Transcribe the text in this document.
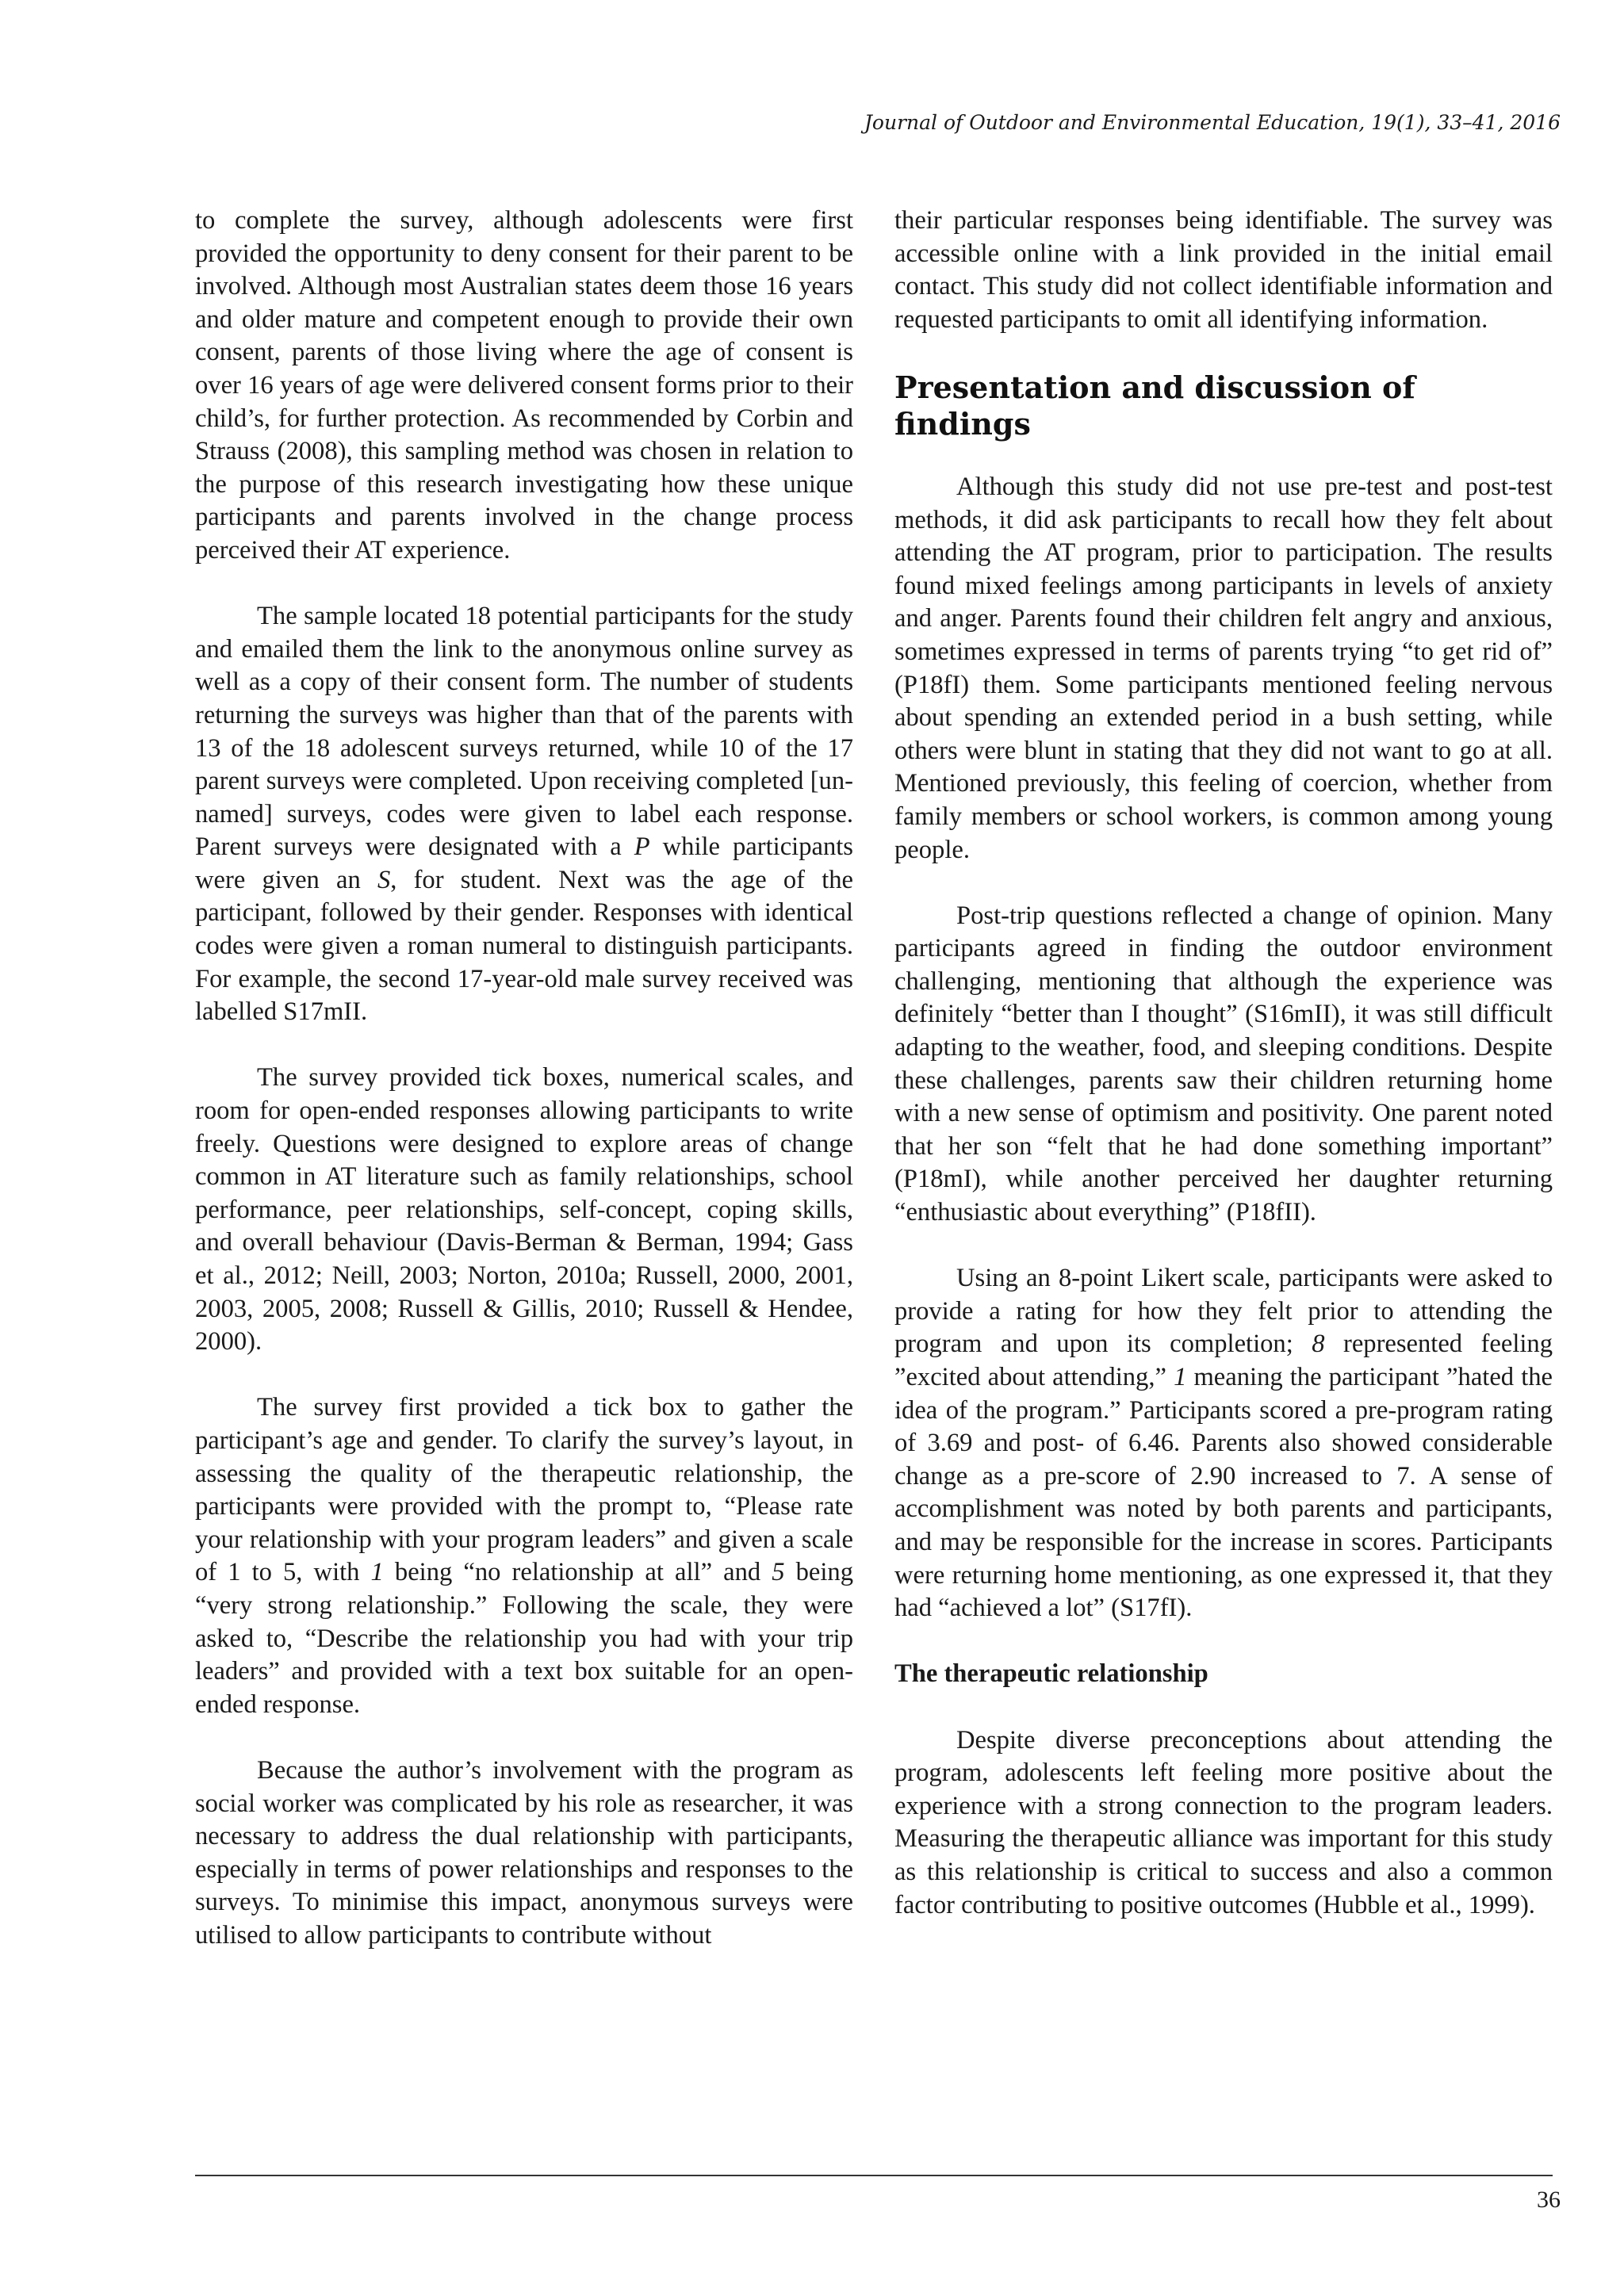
Journal of Outdoor and Environmental Education, 19(1), 33–41, 2016

to complete the survey, although adolescents were first provided the opportunity to deny consent for their parent to be involved. Although most Australian states deem those 16 years and older mature and competent enough to provide their own consent, parents of those living where the age of consent is over 16 years of age were delivered consent forms prior to their child’s, for further protection. As recommended by Corbin and Strauss (2008), this sampling method was chosen in relation to the purpose of this research investigating how these unique participants and parents involved in the change process perceived their AT experience.

The sample located 18 potential participants for the study and emailed them the link to the anonymous online survey as well as a copy of their consent form. The number of students returning the surveys was higher than that of the parents with 13 of the 18 adolescent surveys returned, while 10 of the 17 parent surveys were completed. Upon receiving completed [un-named] surveys, codes were given to label each response. Parent surveys were designated with a P while participants were given an S, for student. Next was the age of the participant, followed by their gender. Responses with identical codes were given a roman numeral to distinguish participants. For example, the second 17-year-old male survey received was labelled S17mII.

The survey provided tick boxes, numerical scales, and room for open-ended responses allowing participants to write freely. Questions were designed to explore areas of change common in AT literature such as family relationships, school performance, peer relationships, self-concept, coping skills, and overall behaviour (Davis-Berman & Berman, 1994; Gass et al., 2012; Neill, 2003; Norton, 2010a; Russell, 2000, 2001, 2003, 2005, 2008; Russell & Gillis, 2010; Russell & Hendee, 2000).

The survey first provided a tick box to gather the participant’s age and gender. To clarify the survey’s layout, in assessing the quality of the therapeutic relationship, the participants were provided with the prompt to, “Please rate your relationship with your program leaders” and given a scale of 1 to 5, with 1 being “no relationship at all” and 5 being “very strong relationship.” Following the scale, they were asked to, “Describe the relationship you had with your trip leaders” and provided with a text box suitable for an open-ended response.

Because the author’s involvement with the program as social worker was complicated by his role as researcher, it was necessary to address the dual relationship with participants, especially in terms of power relationships and responses to the surveys. To minimise this impact, anonymous surveys were utilised to allow participants to contribute without

their particular responses being identifiable. The survey was accessible online with a link provided in the initial email contact. This study did not collect identifiable information and requested participants to omit all identifying information.

Presentation and discussion of findings

Although this study did not use pre-test and post-test methods, it did ask participants to recall how they felt about attending the AT program, prior to participation. The results found mixed feelings among participants in levels of anxiety and anger. Parents found their children felt angry and anxious, sometimes expressed in terms of parents trying “to get rid of” (P18fI) them. Some participants mentioned feeling nervous about spending an extended period in a bush setting, while others were blunt in stating that they did not want to go at all. Mentioned previously, this feeling of coercion, whether from family members or school workers, is common among young people.

Post-trip questions reflected a change of opinion. Many participants agreed in finding the outdoor environment challenging, mentioning that although the experience was definitely “better than I thought” (S16mII), it was still difficult adapting to the weather, food, and sleeping conditions. Despite these challenges, parents saw their children returning home with a new sense of optimism and positivity. One parent noted that her son “felt that he had done something important” (P18mI), while another perceived her daughter returning “enthusiastic about everything” (P18fII).

Using an 8-point Likert scale, participants were asked to provide a rating for how they felt prior to attending the program and upon its completion; 8 represented feeling ”excited about attending,” 1 meaning the participant ”hated the idea of the program.” Participants scored a pre-program rating of 3.69 and post- of 6.46. Parents also showed considerable change as a pre-score of 2.90 increased to 7. A sense of accomplishment was noted by both parents and participants, and may be responsible for the increase in scores. Participants were returning home mentioning, as one expressed it, that they had “achieved a lot” (S17fI).

The therapeutic relationship

Despite diverse preconceptions about attending the program, adolescents left feeling more positive about the experience with a strong connection to the program leaders. Measuring the therapeutic alliance was important for this study as this relationship is critical to success and also a common factor contributing to positive outcomes (Hubble et al., 1999).

36
